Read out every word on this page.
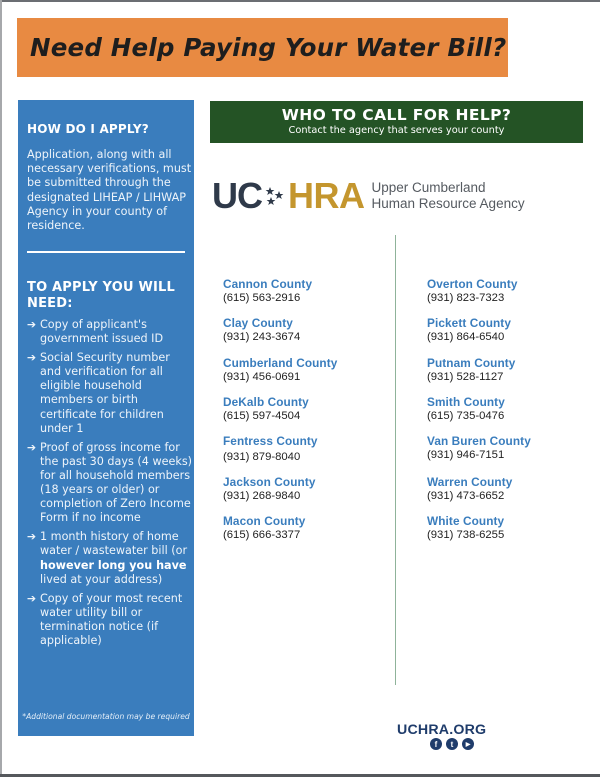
Need Help Paying Your Water Bill?
HOW DO I APPLY?
Application, along with all necessary verifications, must be submitted through the designated LIHEAP / LIHWAP Agency in your county of residence.
TO APPLY YOU WILL NEED:
➔ Copy of applicant's government issued ID
➔ Social Security number and verification for all eligible household members or birth certificate for children under 1
➔ Proof of gross income for the past 30 days (4 weeks) for all household members (18 years or older) or completion of Zero Income Form if no income
➔ 1 month history of home water / wastewater bill (or however long you have lived at your address)
➔ Copy of your most recent water utility bill or termination notice (if applicable)
*Additional documentation may be required
WHO TO CALL FOR HELP?
Contact the agency that serves your county
UC HRA Upper Cumberland
Human Resource Agency
Cannon County
(615) 563-2916
Clay County
(931) 243-3674
Cumberland County
(931) 456-0691
DeKalb County
(615) 597-4504
Fentress County
(931) 879-8040
Jackson County
(931) 268-9840
Macon County
(615) 666-3377
Overton County
(931) 823-7323
Pickett County
(931) 864-6540
Putnam County
(931) 528-1127
Smith County
(615) 735-0476
Van Buren County
(931) 946-7151
Warren County
(931) 473-6652
White County
(931) 738-6255
UCHRA.ORG
f	t	▶
